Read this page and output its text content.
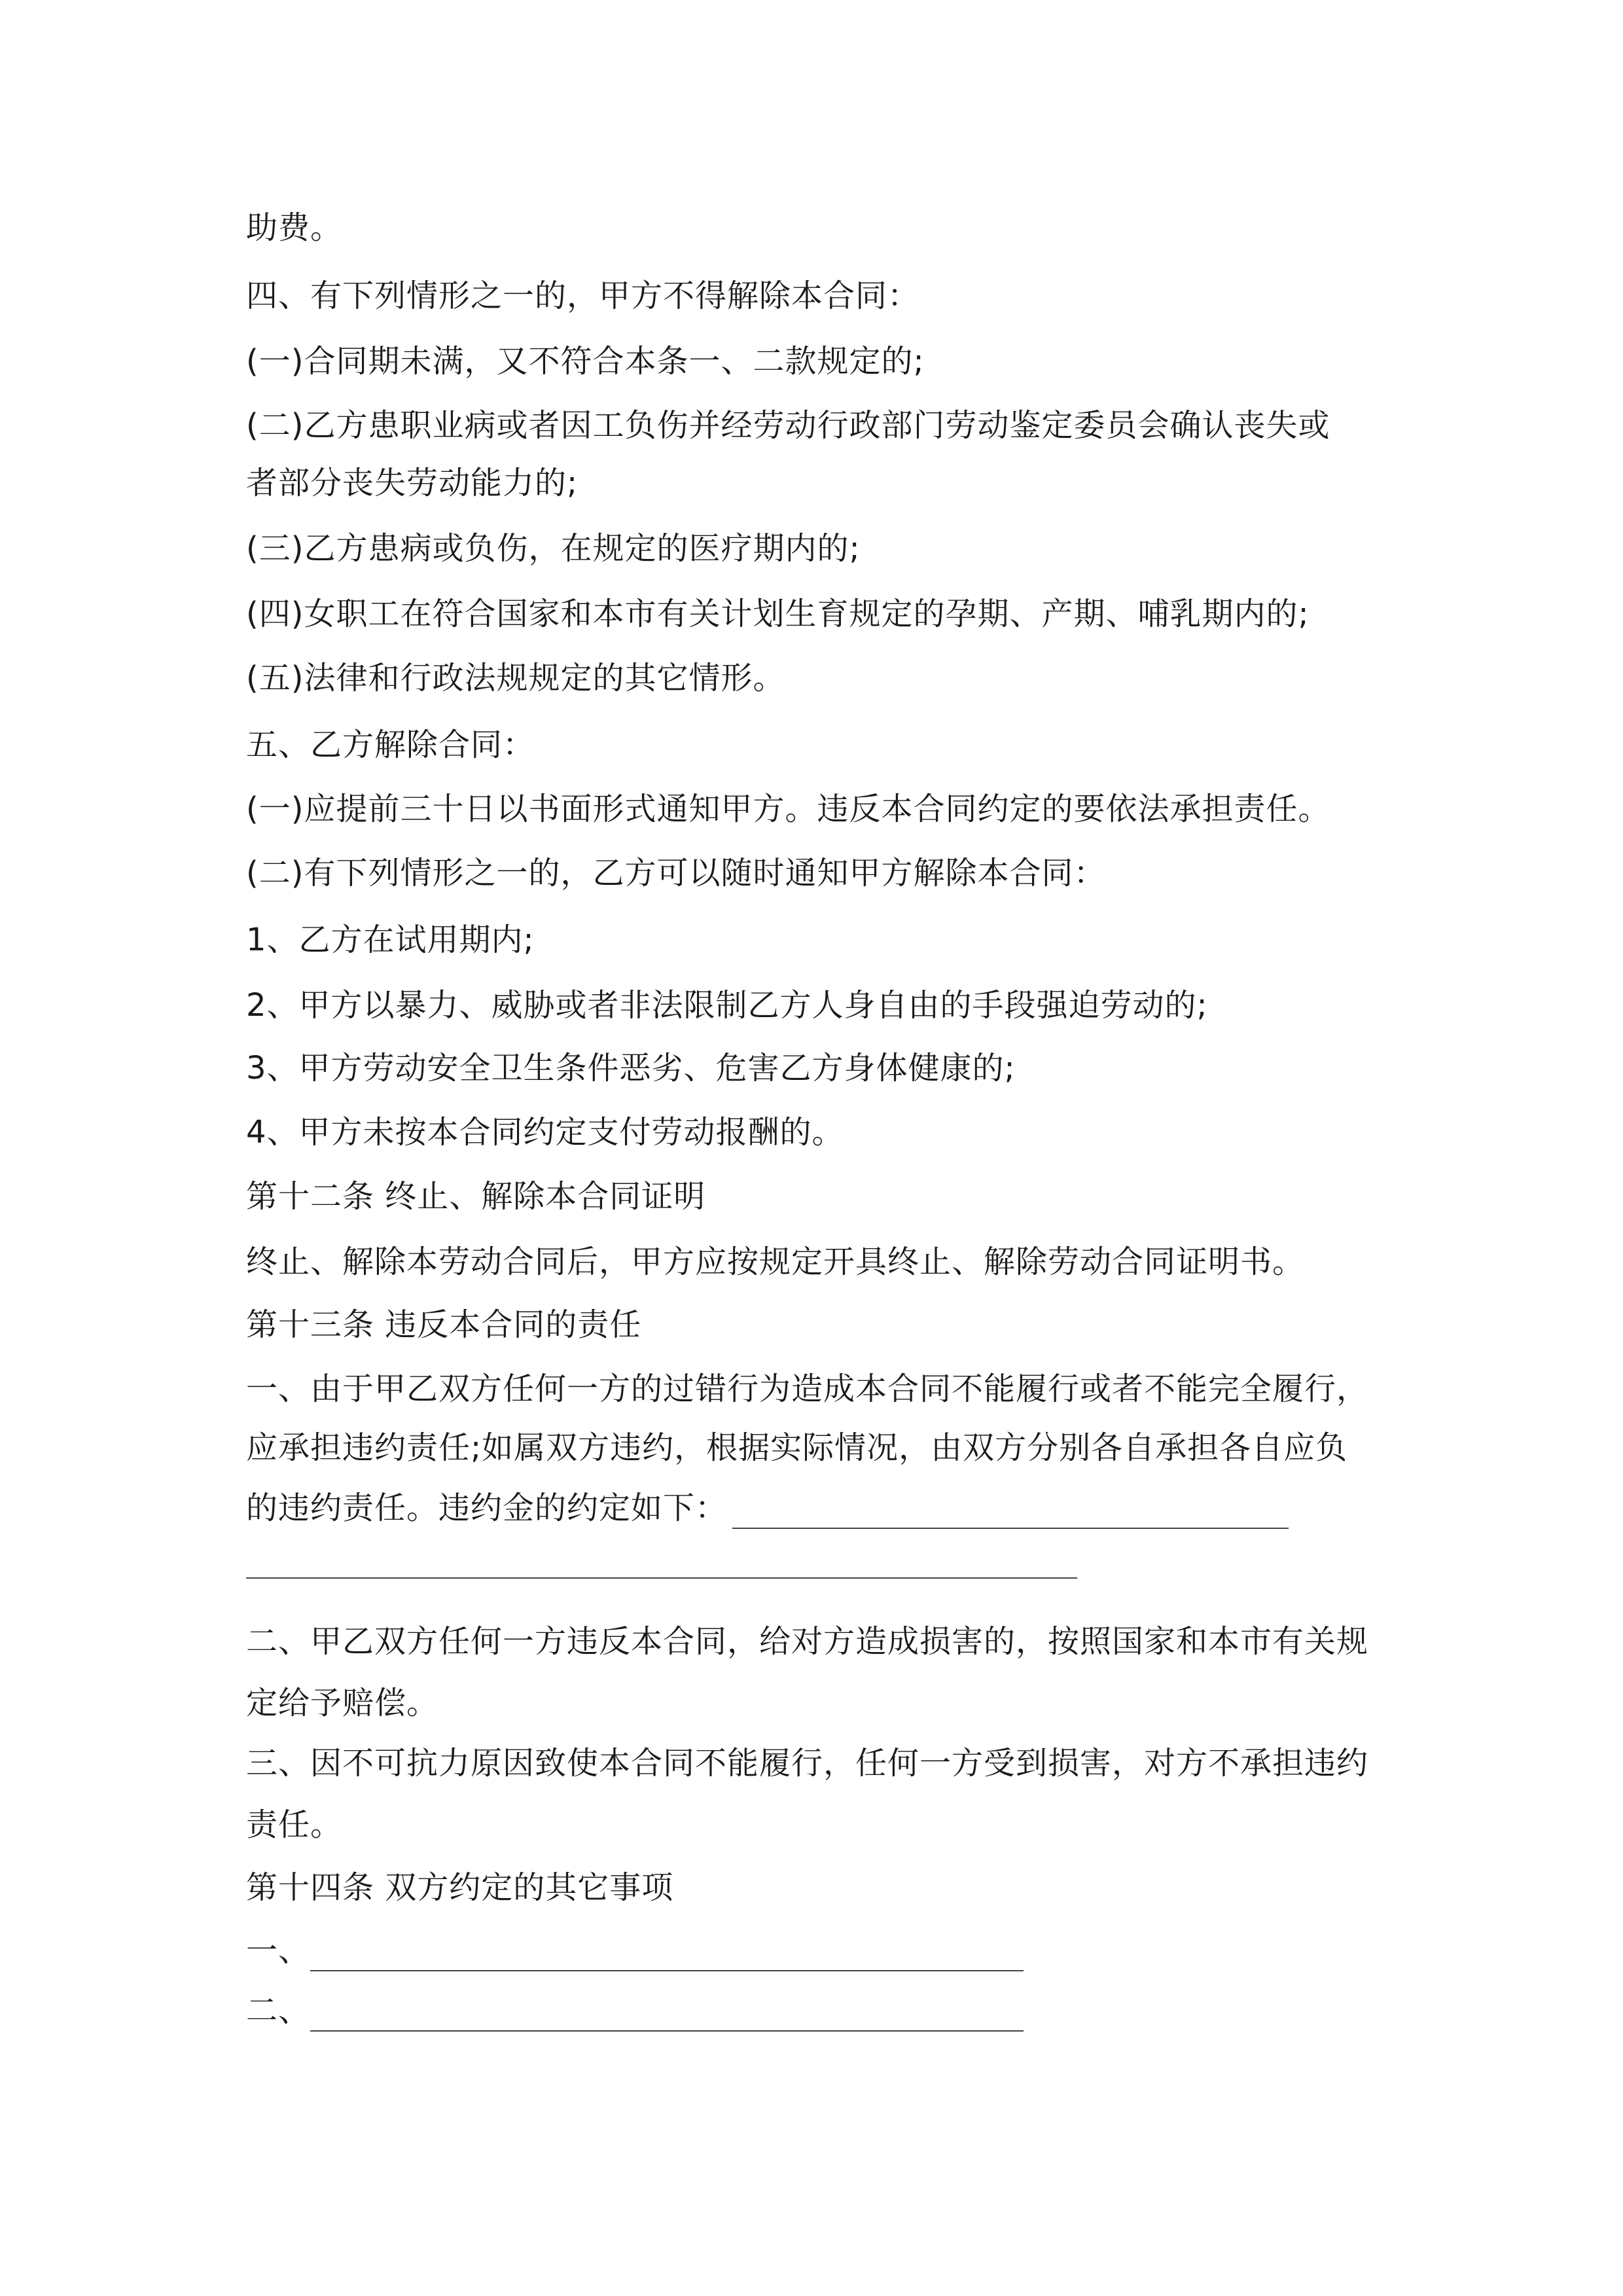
助费。
四、有下列情形之一的，甲方不得解除本合同：
(一)合同期未满，又不符合本条一、二款规定的;
(二)乙方患职业病或者因工负伤并经劳动行政部门劳动鉴定委员会确认丧失或
者部分丧失劳动能力的;
(三)乙方患病或负伤，在规定的医疗期内的;
(四)女职工在符合国家和本市有关计划生育规定的孕期、产期、哺乳期内的;
(五)法律和行政法规规定的其它情形。
五、乙方解除合同：
(一)应提前三十日以书面形式通知甲方。违反本合同约定的要依法承担责任。
(二)有下列情形之一的，乙方可以随时通知甲方解除本合同：
1、乙方在试用期内;
2、甲方以暴力、威胁或者非法限制乙方人身自由的手段强迫劳动的;
3、甲方劳动安全卫生条件恶劣、危害乙方身体健康的;
4、甲方未按本合同约定支付劳动报酬的。
第十二条 终止、解除本合同证明
终止、解除本劳动合同后，甲方应按规定开具终止、解除劳动合同证明书。
第十三条 违反本合同的责任
一、由于甲乙双方任何一方的过错行为造成本合同不能履行或者不能完全履行，
应承担违约责任;如属双方违约，根据实际情况，由双方分别各自承担各自应负
的违约责任。违约金的约定如下：
二、甲乙双方任何一方违反本合同，给对方造成损害的，按照国家和本市有关规
定给予赔偿。
三、因不可抗力原因致使本合同不能履行，任何一方受到损害，对方不承担违约
责任。
第十四条 双方约定的其它事项
一、
二、
